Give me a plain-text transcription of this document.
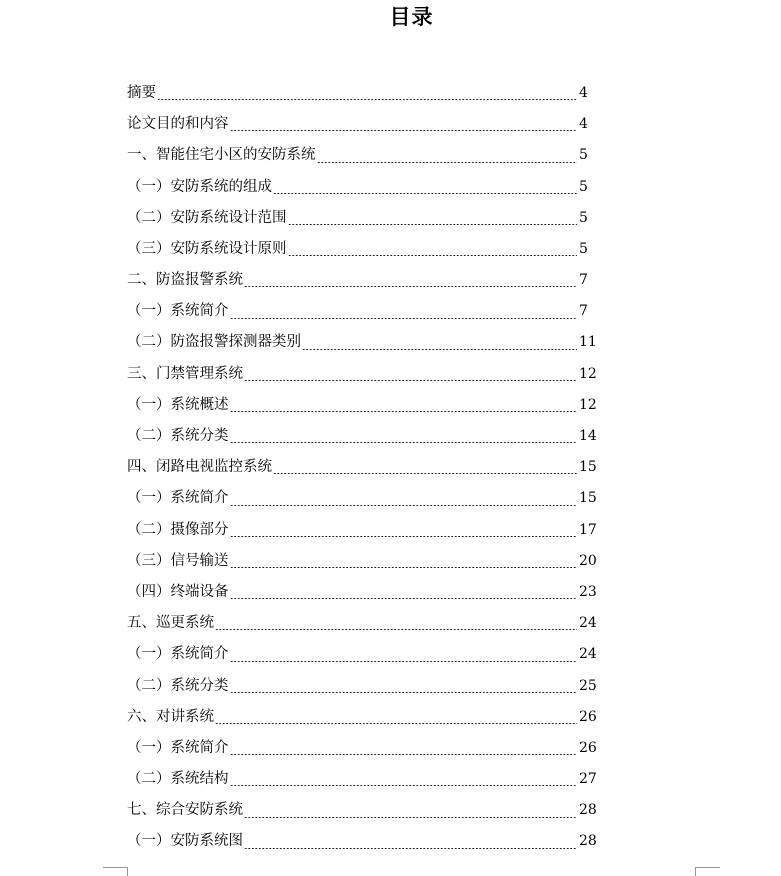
目录
摘要	4
论文目的和内容	4
一、智能住宅小区的安防系统	5
（一）安防系统的组成	5
（二）安防系统设计范围	5
（三）安防系统设计原则	5
二、防盗报警系统	7
（一）系统简介	7
（二）防盗报警探测器类别	11
三、门禁管理系统	12
（一）系统概述	12
（二）系统分类	14
四、闭路电视监控系统	15
（一）系统简介	15
（二）摄像部分	17
（三）信号输送	20
（四）终端设备	23
五、巡更系统	24
（一）系统简介	24
（二）系统分类	25
六、对讲系统	26
（一）系统简介	26
（二）系统结构	27
七、综合安防系统	28
（一）安防系统图	28
